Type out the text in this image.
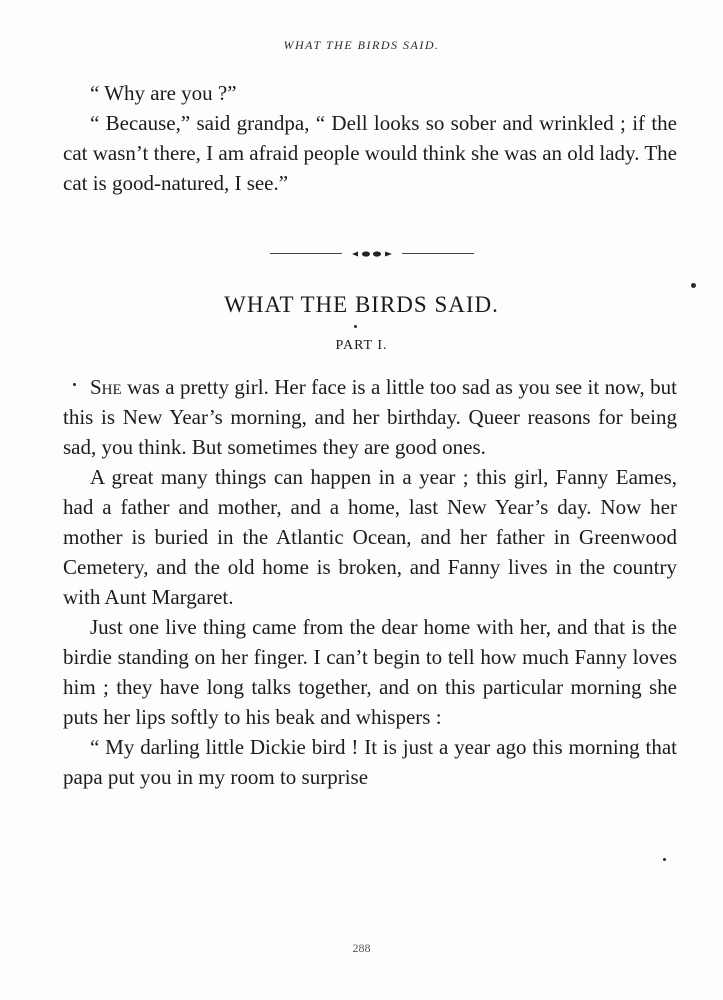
WHAT THE BIRDS SAID.

“ Why are you ?”

“ Because,” said grandpa, “ Dell looks so sober and wrinkled ; if the cat wasn’t there, I am afraid people would think she was an old lady. The cat is good-natured, I see.”

WHAT THE BIRDS SAID.
PART I.

She was a pretty girl. Her face is a little too sad as you see it now, but this is New Year’s morning, and her birthday. Queer reasons for being sad, you think. But sometimes they are good ones.

A great many things can happen in a year ; this girl, Fanny Eames, had a father and mother, and a home, last New Year’s day. Now her mother is buried in the Atlantic Ocean, and her father in Greenwood Cemetery, and the old home is broken, and Fanny lives in the country with Aunt Margaret.

Just one live thing came from the dear home with her, and that is the birdie standing on her finger. I can’t begin to tell how much Fanny loves him ; they have long talks together, and on this particular morning she puts her lips softly to his beak and whispers :

“ My darling little Dickie bird ! It is just a year ago this morning that papa put you in my room to surprise

288
